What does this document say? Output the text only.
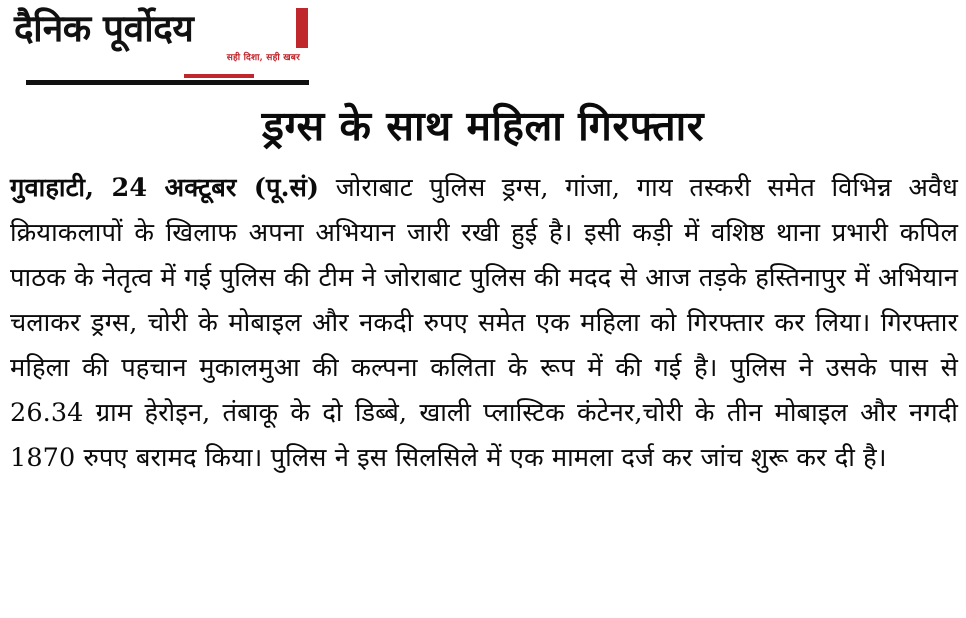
दैनिक पूर्वोदय
सही दिशा, सही खबर
ड्रग्स के साथ महिला गिरफ्तार
गुवाहाटी, 24 अक्टूबर (पू.सं) जोराबाट पुलिस ड्रग्स, गांजा, गाय तस्करी समेत विभिन्न अवैध क्रियाकलापों के खिलाफ अपना अभियान जारी रखी हुई है। इसी कड़ी में वशिष्ठ थाना प्रभारी कपिल पाठक के नेतृत्व में गई पुलिस की टीम ने जोराबाट पुलिस की मदद से आज तड़के हस्तिनापुर में अभियान चलाकर ड्रग्स, चोरी के मोबाइल और नकदी रुपए समेत एक महिला को गिरफ्तार कर लिया। गिरफ्तार महिला की पहचान मुकालमुआ की कल्पना कलिता के रूप में की गई है। पुलिस ने उसके पास से 26.34 ग्राम हेरोइन, तंबाकू के दो डिब्बे, खाली प्लास्टिक कंटेनर,चोरी के तीन मोबाइल और नगदी 1870 रुपए बरामद किया। पुलिस ने इस सिलसिले में एक मामला दर्ज कर जांच शुरू क‍र दी है।
